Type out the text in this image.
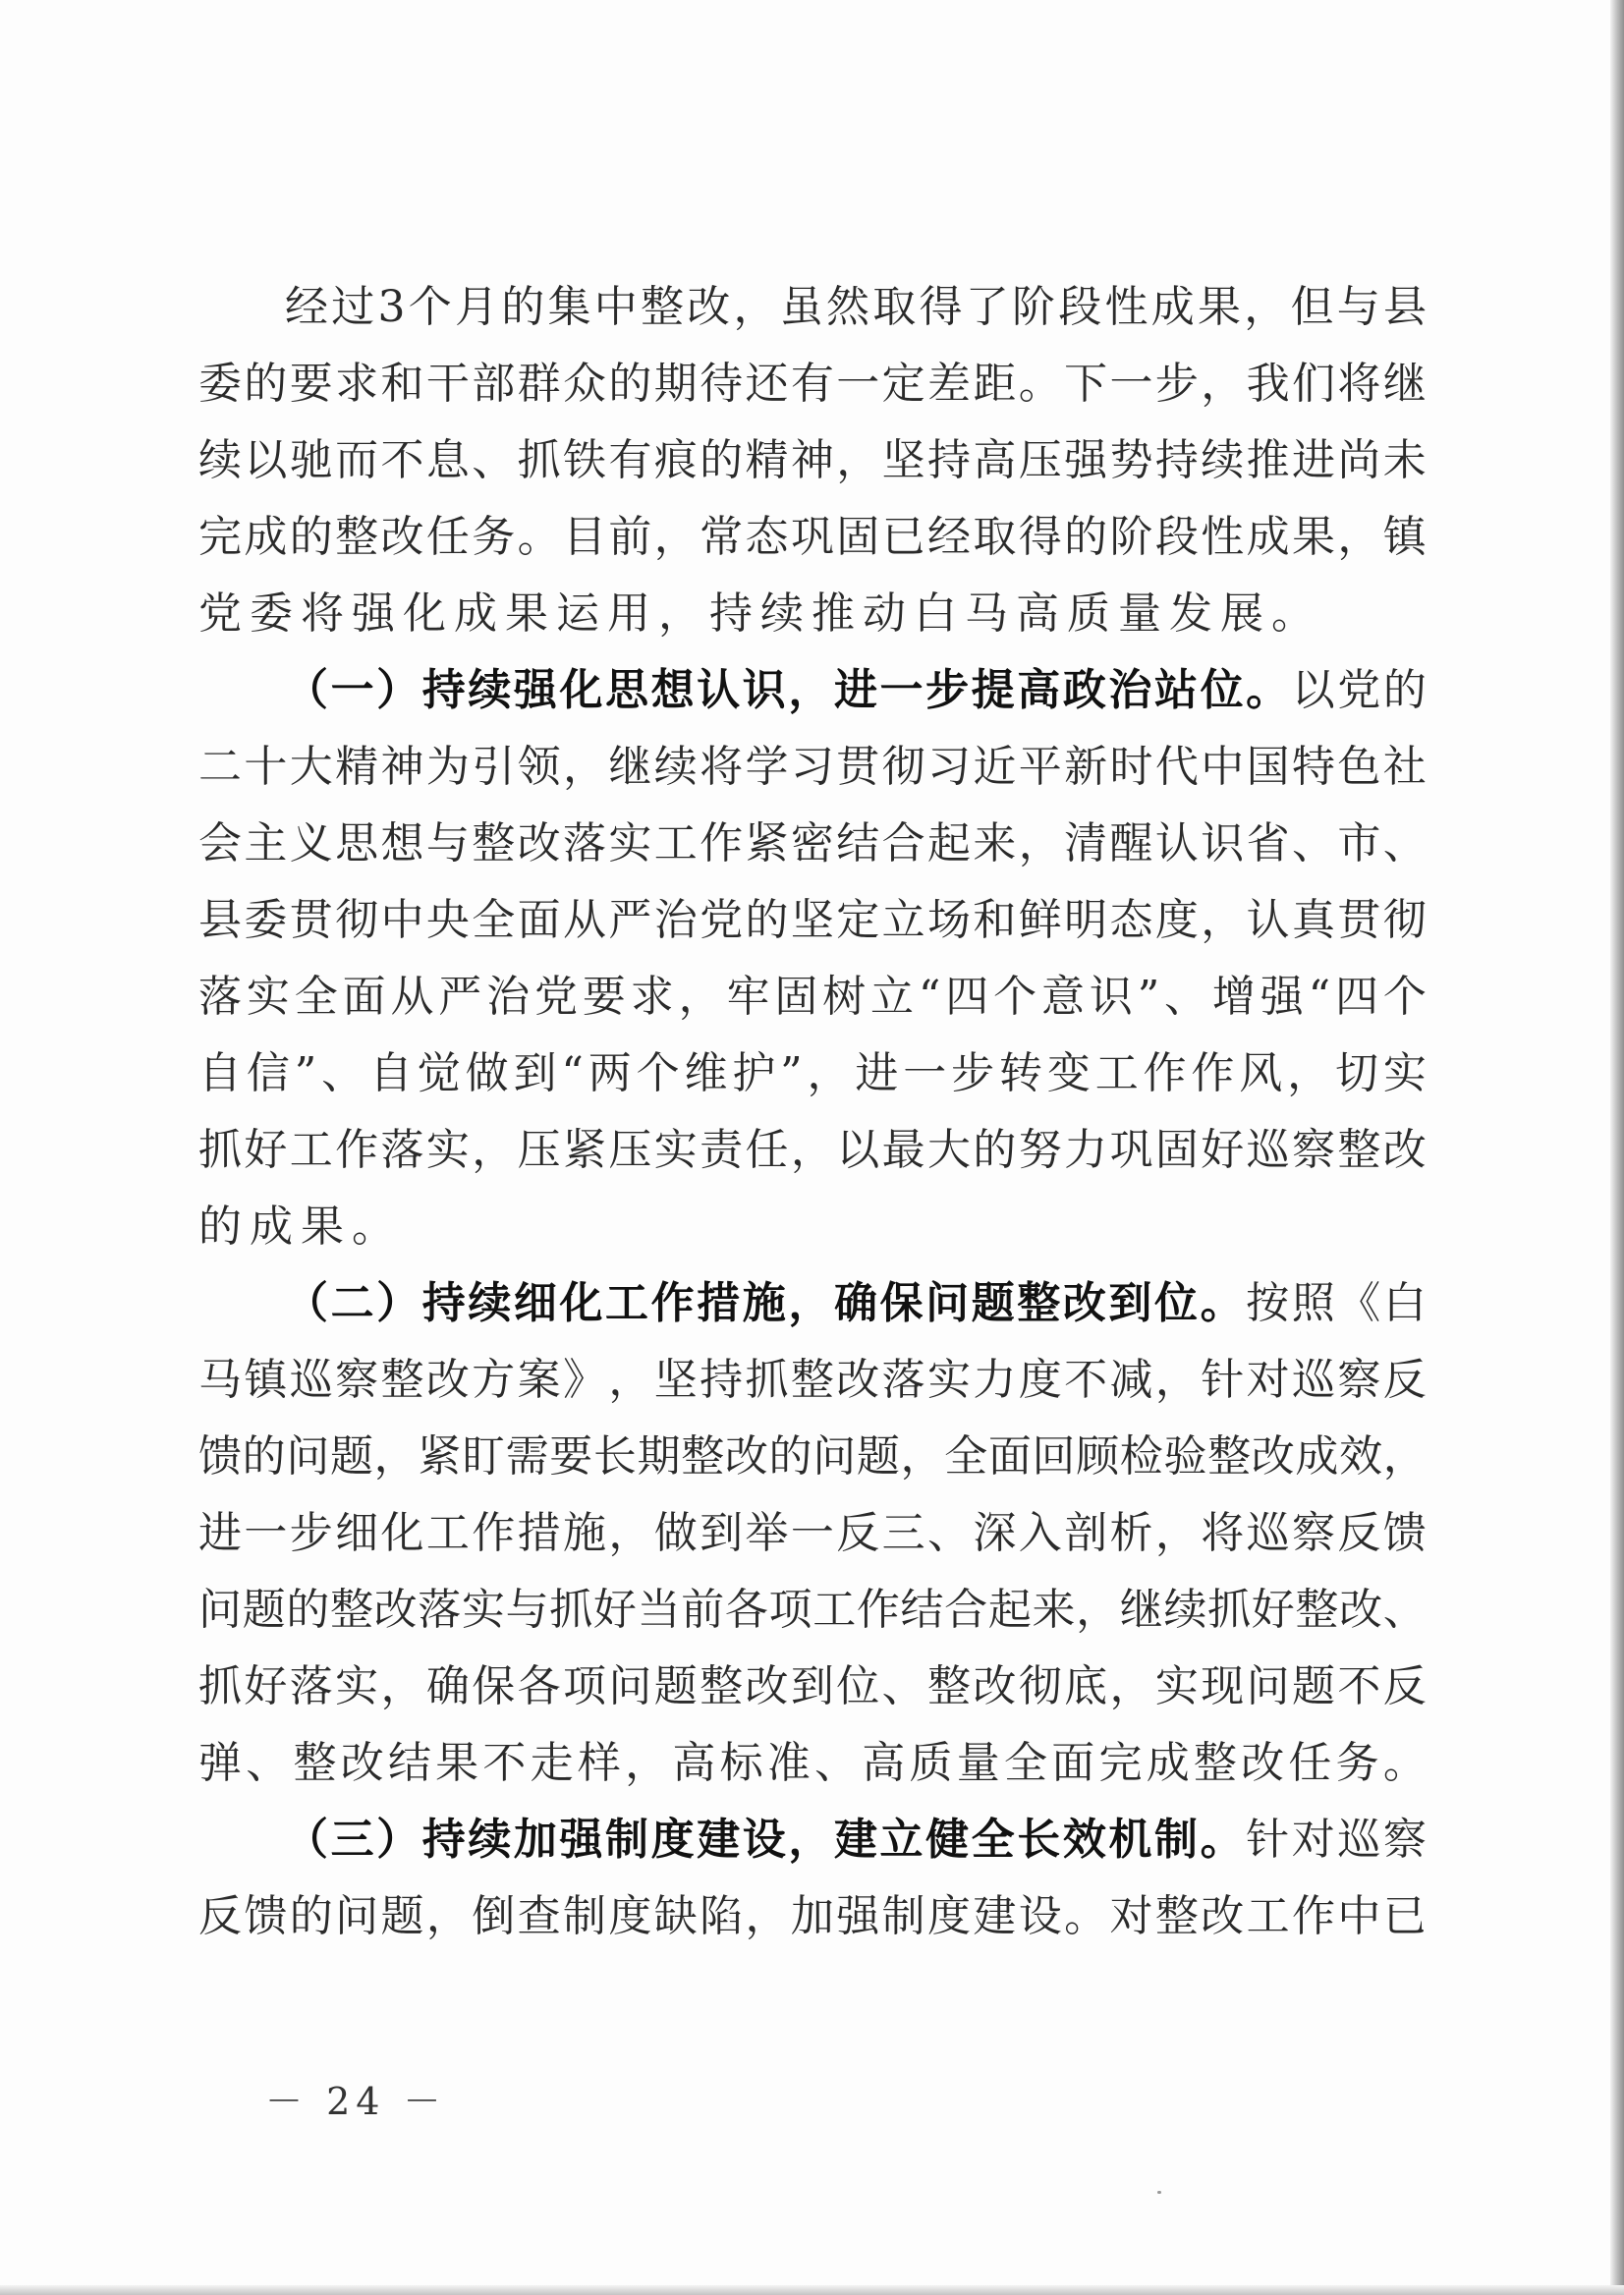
经 过 3 个 月 的 集 中 整 改 ， 虽 然 取 得 了 阶 段 性 成 果 ， 但 与 县
委 的 要 求 和 干 部 群 众 的 期 待 还 有 一 定 差 距 。 下 一 步 ， 我 们 将 继
续 以 驰 而 不 息 、 抓 铁 有 痕 的 精 神 ， 坚 持 高 压 强 势 持 续 推 进 尚 未
完 成 的 整 改 任 务 。 目 前 ， 常 态 巩 固 已 经 取 得 的 阶 段 性 成 果 ， 镇
党委将强化成果运用，持续推动白马高质量发展。
（ 一 ） 持 续 强 化 思 想 认 识 ， 进 一 步 提 高 政 治 站 位 。 以 党 的
二 十 大 精 神 为 引 领 ， 继 续 将 学 习 贯 彻 习 近 平 新 时 代 中 国 特 色 社
会 主 义 思 想 与 整 改 落 实 工 作 紧 密 结 合 起 来 ， 清 醒 认 识 省 、 市 、
县 委 贯 彻 中 央 全 面 从 严 治 党 的 坚 定 立 场 和 鲜 明 态 度 ， 认 真 贯 彻
落 实 全 面 从 严 治 党 要 求 ， 牢 固 树 立 “ 四 个 意 识 ” 、 增 强 “ 四 个
自 信 ” 、 自 觉 做 到 “ 两 个 维 护 ” ， 进 一 步 转 变 工 作 作 风 ， 切 实
抓 好 工 作 落 实 ， 压 紧 压 实 责 任 ， 以 最 大 的 努 力 巩 固 好 巡 察 整 改
的成果。
（ 二 ） 持 续 细 化 工 作 措 施 ， 确 保 问 题 整 改 到 位 。 按 照 《 白
马 镇 巡 察 整 改 方 案 》 ， 坚 持 抓 整 改 落 实 力 度 不 减 ， 针 对 巡 察 反
馈 的 问 题 ， 紧 盯 需 要 长 期 整 改 的 问 题 ， 全 面 回 顾 检 验 整 改 成 效 ，
进 一 步 细 化 工 作 措 施 ， 做 到 举 一 反 三 、 深 入 剖 析 ， 将 巡 察 反 馈
问 题 的 整 改 落 实 与 抓 好 当 前 各 项 工 作 结 合 起 来 ， 继 续 抓 好 整 改 、
抓 好 落 实 ， 确 保 各 项 问 题 整 改 到 位 、 整 改 彻 底 ， 实 现 问 题 不 反
弹 、 整 改 结 果 不 走 样 ， 高 标 准 、 高 质 量 全 面 完 成 整 改 任 务 。
（ 三 ） 持 续 加 强 制 度 建 设 ， 建 立 健 全 长 效 机 制 。 针 对 巡 察
反 馈 的 问 题 ， 倒 查 制 度 缺 陷 ， 加 强 制 度 建 设 。 对 整 改 工 作 中 已
－ 24 －
